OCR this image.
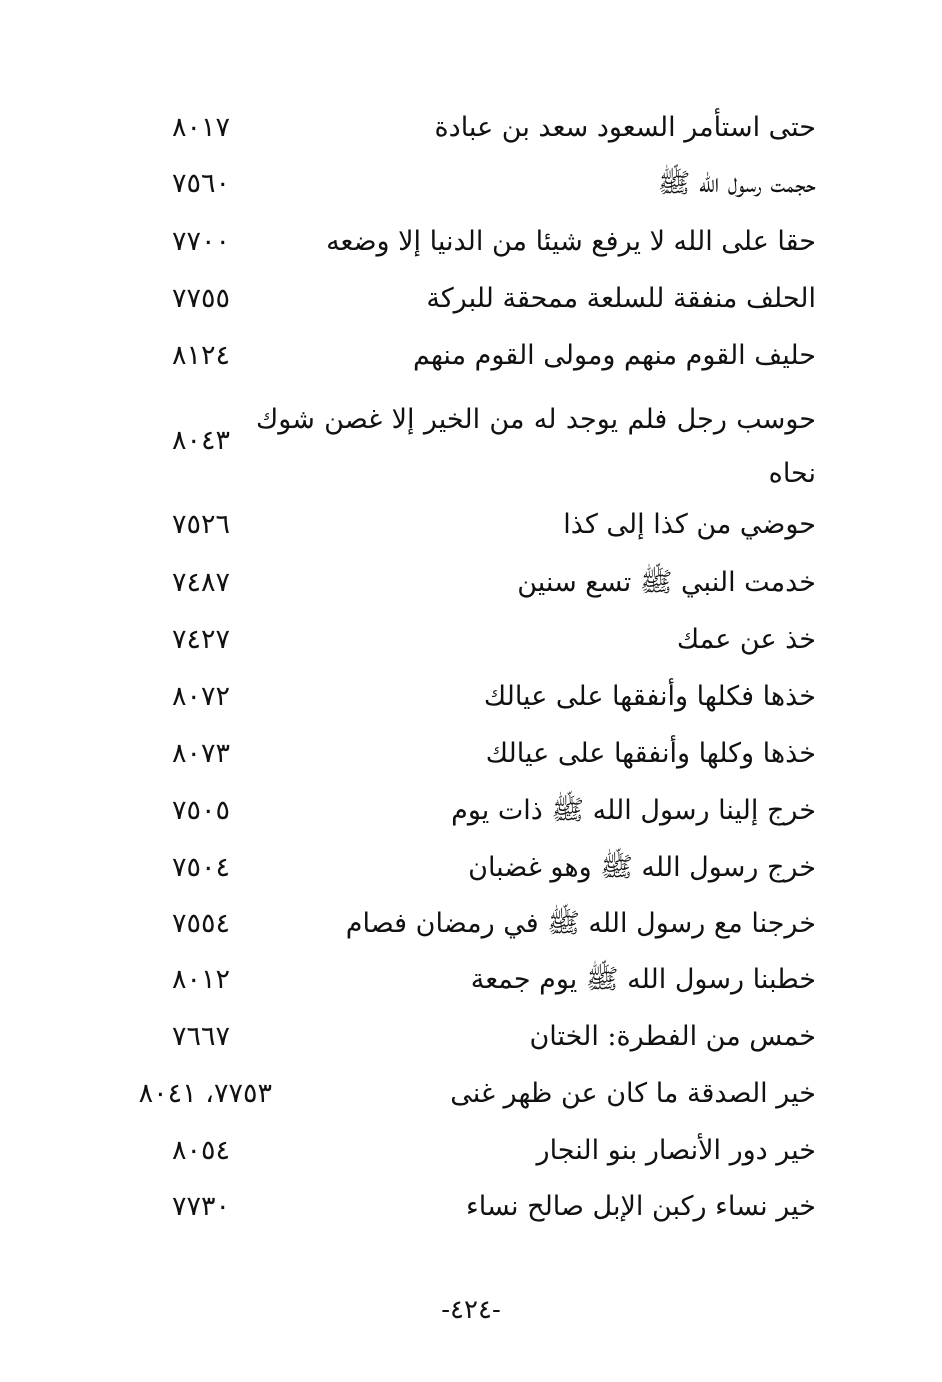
حتى استأمر السعود سعد بن عبادة
٨٠١٧
حجمت رسول الله ﷺ
٧٥٦٠
حقا على الله لا يرفع شيئا من الدنيا إلا وضعه
٧٧٠٠
الحلف منفقة للسلعة ممحقة للبركة
٧٧٥٥
حليف القوم منهم ومولى القوم منهم
٨١٢٤
حوسب رجل فلم يوجد له من الخير إلا غصن شوك نحاه
٨٠٤٣
حوضي من كذا إلى كذا
٧٥٢٦
خدمت النبي ﷺ تسع سنين
٧٤٨٧
خذ عن عمك
٧٤٢٧
خذها فكلها وأنفقها على عيالك
٨٠٧٢
خذها وكلها وأنفقها على عيالك
٨٠٧٣
خرج إلينا رسول الله ﷺ ذات يوم
٧٥٠٥
خرج رسول الله ﷺ وهو غضبان
٧٥٠٤
خرجنا مع رسول الله ﷺ في رمضان فصام
٧٥٥٤
خطبنا رسول الله ﷺ يوم جمعة
٨٠١٢
خمس من الفطرة: الختان
٧٦٦٧
خير الصدقة ما كان عن ظهر غنى
٧٧٥٣، ٨٠٤١
خير دور الأنصار بنو النجار
٨٠٥٤
خير نساء ركبن الإبل صالح نساء
٧٧٣٠
-٤٢٤-
